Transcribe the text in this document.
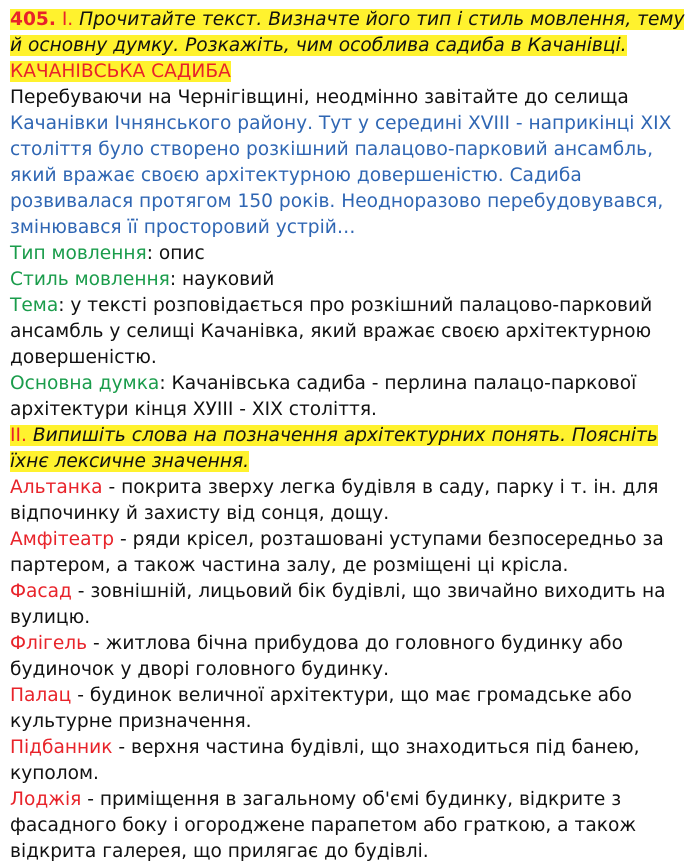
405. І. Прочитайте текст. Визначте його тип і стиль мовлення, тему й основну думку. Розкажіть, чим особлива садиба в Качанівці.

КАЧАНІВСЬКА САДИБА

Перебуваючи на Чернігівщині, неодмінно завітайте до селища Качанівки Ічнянського району. Тут у середині XVIII - наприкінці XIX століття було створено розкішний палацово-парковий ансамбль, який вражає своєю архітектурною довершеністю. Садиба розвивалася протягом 150 років. Неодноразово перебудовувався, змінювався її просторовий устрій…

Тип мовлення: опис

Стиль мовлення: науковий

Тема: у тексті розповідається про розкішний палацово-парковий ансамбль у селищі Качанівка, який вражає своєю архітектурною довершеністю.

Основна думка: Качанівська садиба - перлина палацо-паркової архітектури кінця ХУІІІ - ХІХ століття.

ІІ. Випишіть слова на позначення архітектурних понять. Поясніть їхнє лексичне значення.

Альтанка - покрита зверху легка будівля в саду, парку і т. ін. для відпочинку й захисту від сонця, дощу.

Амфітеатр - ряди крісел, розташовані уступами безпосередньо за партером, а також частина залу, де розміщені ці крісла.

Фасад - зовнішній, лицьовий бік будівлі, що звичайно виходить на вулицю.

Флігель - житлова бічна прибудова до головного будинку або будиночок у дворі головного будинку.

Палац - будинок величної архітектури, що має громадське або культурне призначення.

Підбанник - верхня частина будівлі, що знаходиться під банею, куполом.

Лоджія - приміщення в загальному об'ємі будинку, відкрите з фасадного боку і огороджене парапетом або граткою, а також відкрита галерея, що прилягає до будівлі.
